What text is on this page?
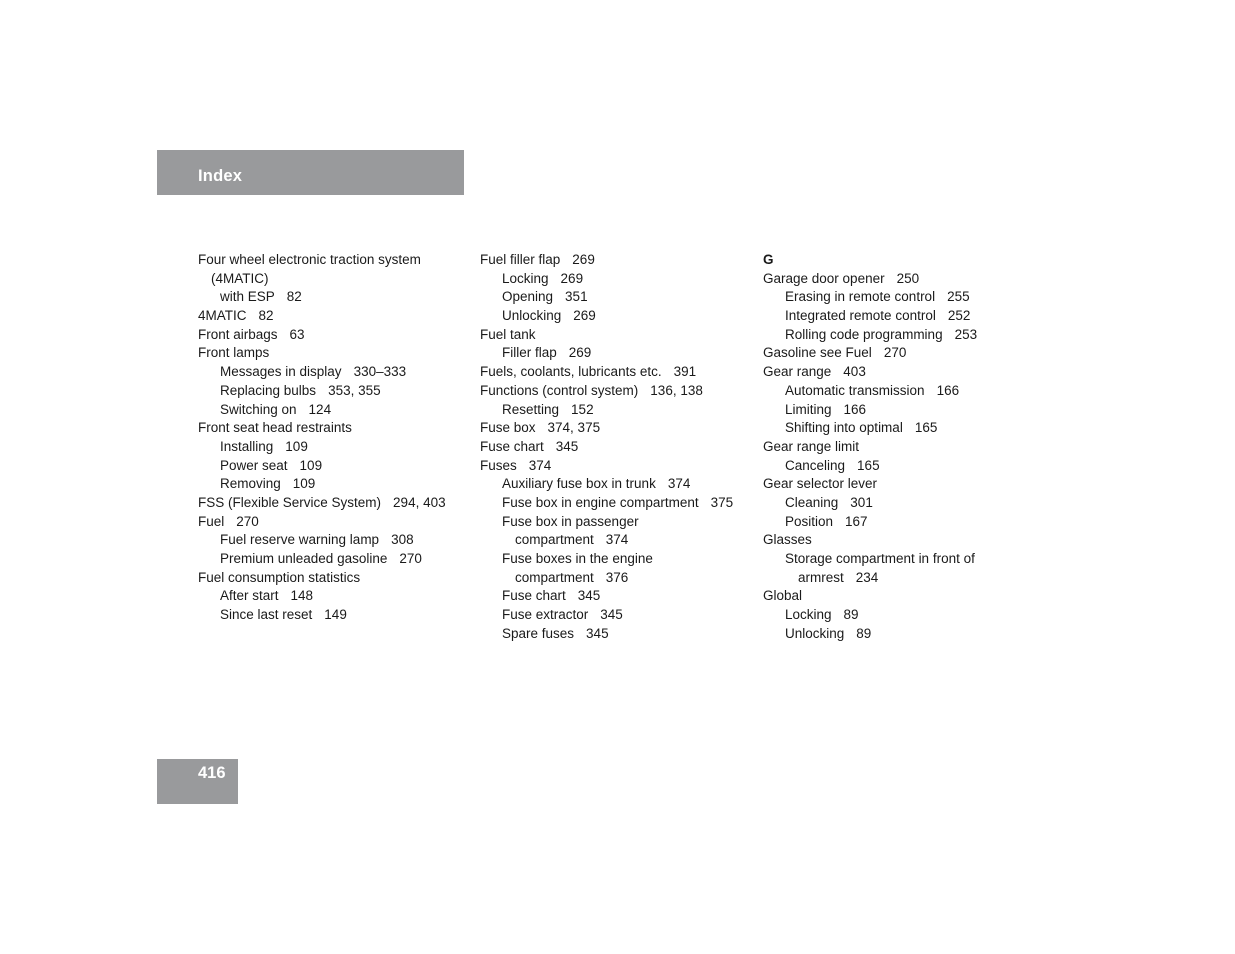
Index
Four wheel electronic traction system
(4MATIC)
with ESP 82
4MATIC 82
Front airbags 63
Front lamps
Messages in display 330–333
Replacing bulbs 353, 355
Switching on 124
Front seat head restraints
Installing 109
Power seat 109
Removing 109
FSS (Flexible Service System) 294, 403
Fuel 270
Fuel reserve warning lamp 308
Premium unleaded gasoline 270
Fuel consumption statistics
After start 148
Since last reset 149
Fuel filler flap 269
Locking 269
Opening 351
Unlocking 269
Fuel tank
Filler flap 269
Fuels, coolants, lubricants etc. 391
Functions (control system) 136, 138
Resetting 152
Fuse box 374, 375
Fuse chart 345
Fuses 374
Auxiliary fuse box in trunk 374
Fuse box in engine compartment 375
Fuse box in passenger
compartment 374
Fuse boxes in the engine
compartment 376
Fuse chart 345
Fuse extractor 345
Spare fuses 345
G
Garage door opener 250
Erasing in remote control 255
Integrated remote control 252
Rolling code programming 253
Gasoline see Fuel 270
Gear range 403
Automatic transmission 166
Limiting 166
Shifting into optimal 165
Gear range limit
Canceling 165
Gear selector lever
Cleaning 301
Position 167
Glasses
Storage compartment in front of
armrest 234
Global
Locking 89
Unlocking 89
416
